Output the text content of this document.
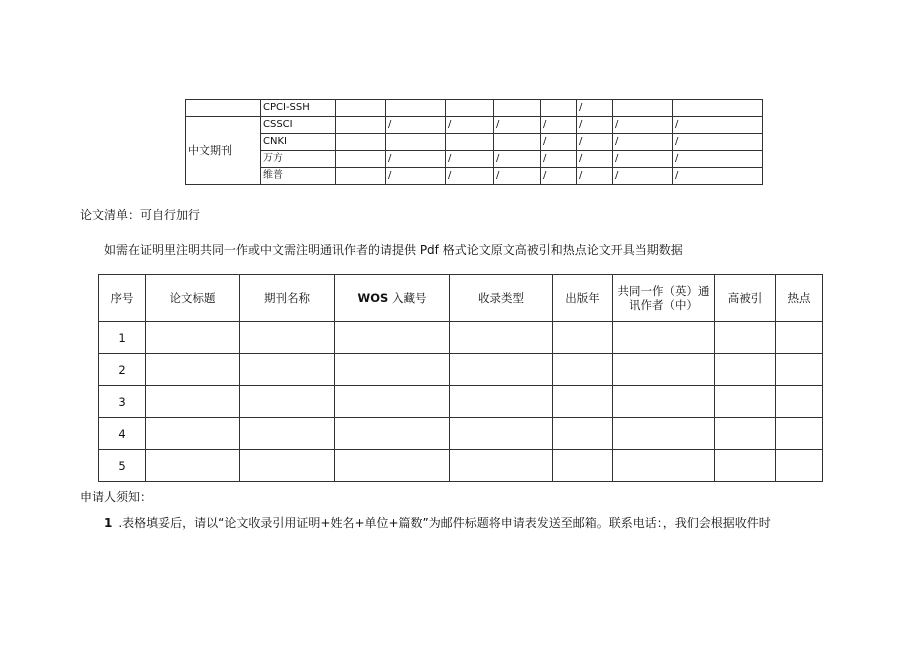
	CPCI-SSH						/		
中文期刊	CSSCI		/	/	/	/	/	/	/
	CNKI					/	/	/	/
	万方		/	/	/	/	/	/	/
	维普		/	/	/	/	/	/	/
论文清单：可自行加行
如需在证明里注明共同一作或中文需注明通讯作者的请提供 Pdf 格式论文原文高被引和热点论文开具当期数据
序号	论文标题	期刊名称	WOS 入藏号	收录类型	出版年	共同一作（英）通讯作者（中）	高被引	热点
1								
2								
3								
4								
5								
申请人须知：
1 .表格填妥后，请以“论文收录引用证明+姓名+单位+篇数”为邮件标题将申请表发送至邮箱。联系电话：，我们会根据收件时
